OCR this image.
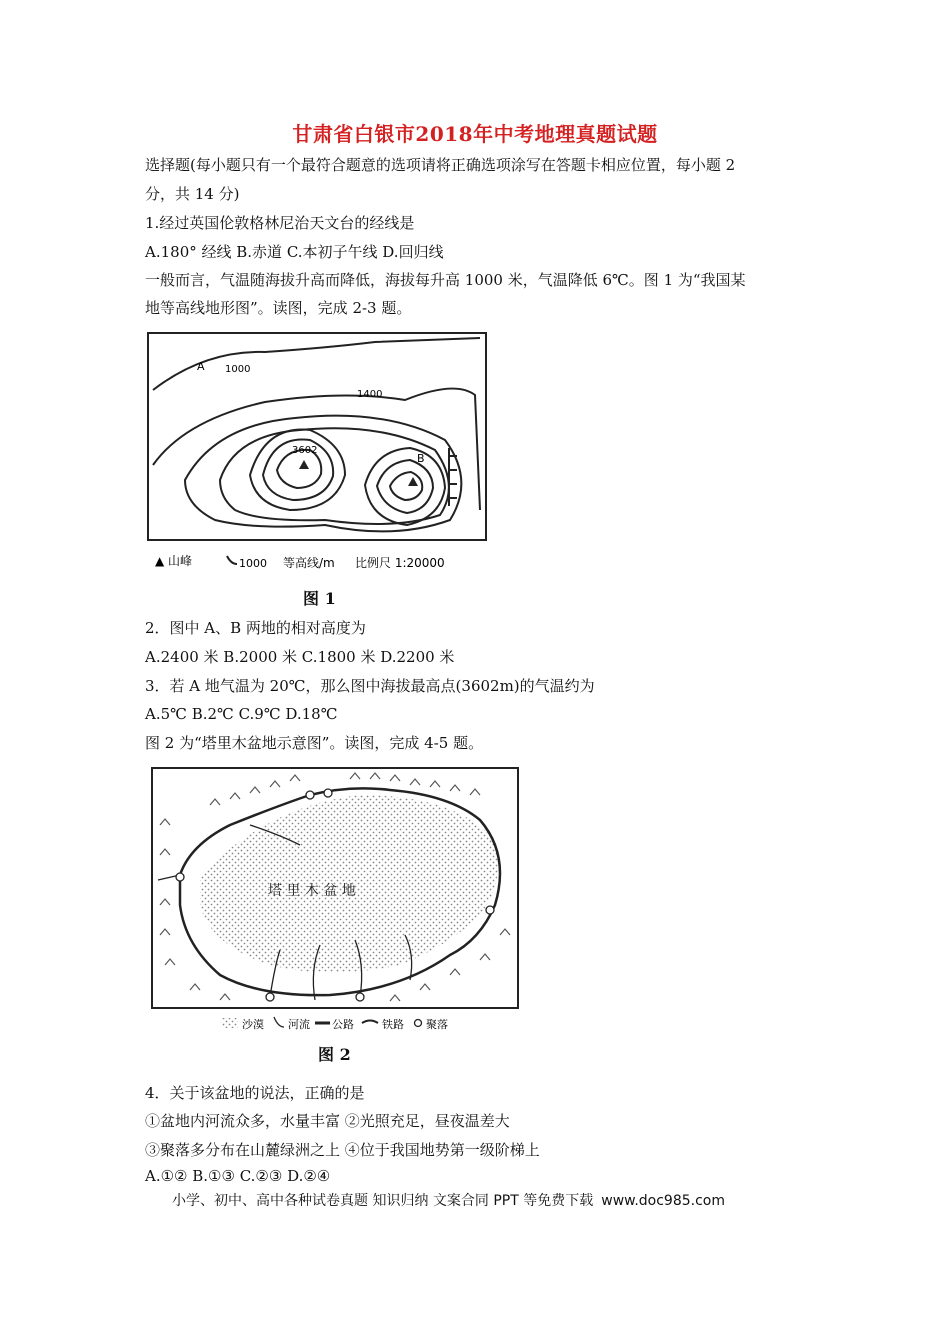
甘肃省白银市2018年中考地理真题试题
选择题(每小题只有一个最符合题意的选项请将正确选项涂写在答题卡相应位置，每小题 2
分，共 14 分)
1.经过英国伦敦格林尼治天文台的经线是
A.180° 经线 B.赤道 C.本初子午线 D.回归线
一般而言，气温随海拔升高而降低，海拔每升高 1000 米，气温降低 6℃。图 1 为“我国某
地等高线地形图”。读图，完成 2-3 题。
A 1000
1400
3602
B
▲ 山峰	1000 等高线/m 比例尺 1:20000
图 1
2．图中 A、B 两地的相对高度为
A.2400 米 B.2000 米 C.1800 米 D.2200 米
3．若 A 地气温为 20℃，那么图中海拔最高点(3602m)的气温约为
A.5℃ B.2℃ C.9℃ D.18℃
图 2 为“塔里木盆地示意图”。读图，完成 4-5 题。
塔 里 木 盆 地
沙漠 河流 公路	铁路 聚落
图 2
4．关于该盆地的说法，正确的是
①盆地内河流众多，水量丰富 ②光照充足，昼夜温差大
③聚落多分布在山麓绿洲之上 ④位于我国地势第一级阶梯上
A.①② B.①③ C.②③ D.②④
小学、初中、高中各种试卷真题 知识归纳 文案合同 PPT 等免费下载 www.doc985.com
